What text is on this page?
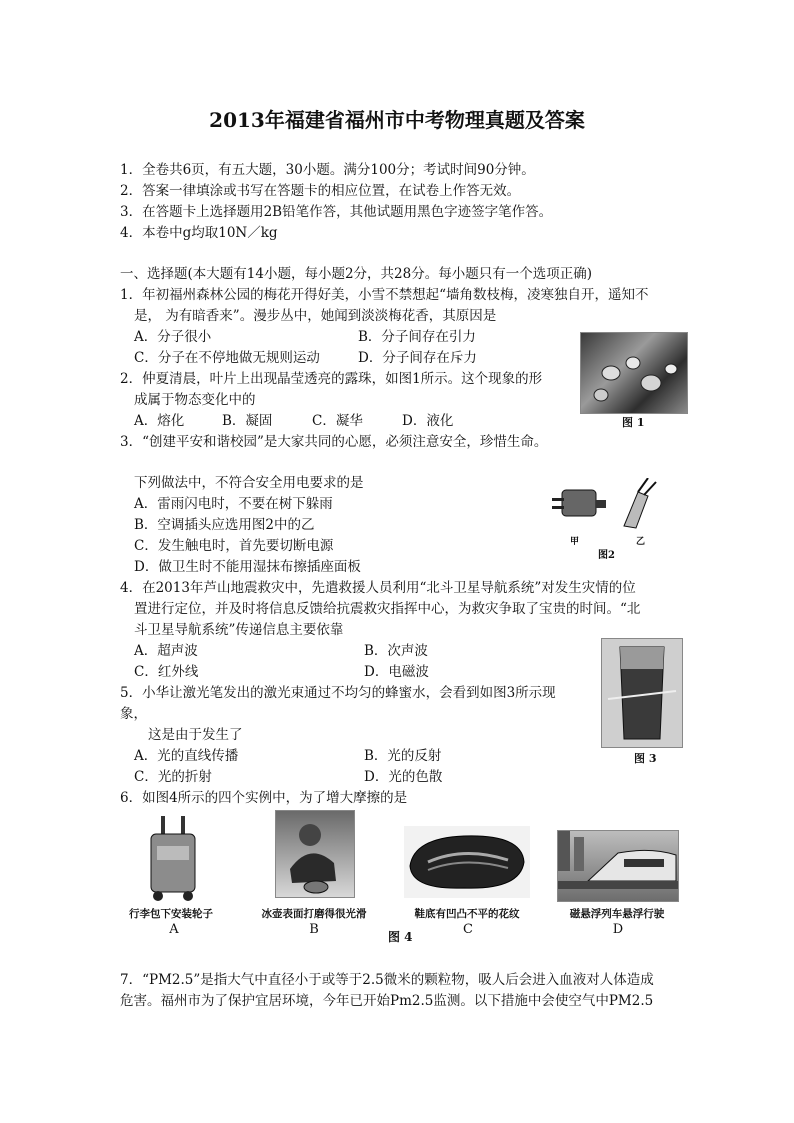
2013年福建省福州市中考物理真题及答案
1．全卷共6页，有五大题，30小题。满分100分；考试时间90分钟。
2．答案一律填涂或书写在答题卡的相应位置，在试卷上作答无效。
3．在答题卡上选择题用2B铅笔作答，其他试题用黑色字迹签字笔作答。
4．本卷中g均取10N／kg
一、选择题(本大题有14小题，每小题2分，共28分。每小题只有一个选项正确)
1．年初福州森林公园的梅花开得好美，小雪不禁想起“墙角数枝梅，凌寒独自开，遥知不
是， 为有暗香来”。漫步丛中，她闻到淡淡梅花香，其原因是
A．分子很小	B．分子间存在引力
C．分子在不停地做无规则运动	D．分子间存在斥力
图 1
2．仲夏清晨，叶片上出现晶莹透亮的露珠，如图1所示。这个现象的形
成属于物态变化中的
A．熔化	B．凝固	C．凝华	D．液化
3．“创建平安和谐校园”是大家共同的心愿，必须注意安全，珍惜生命。
下列做法中，不符合安全用电要求的是
A．雷雨闪电时，不要在树下躲雨
B．空调插头应选用图2中的乙
C．发生触电时，首先要切断电源
D．做卫生时不能用湿抹布擦插座面板
甲	乙
图2
4．在2013年芦山地震救灾中，先遣救援人员利用“北斗卫星导航系统”对发生灾情的位
置进行定位，并及时将信息反馈给抗震救灾指挥中心，为救灾争取了宝贵的时间。“北
斗卫星导航系统”传递信息主要依靠
A．超声波	B．次声波
C．红外线	D．电磁波
图 3
5．小华让激光笔发出的激光束通过不均匀的蜂蜜水，会看到如图3所示现
象，
这是由于发生了
A．光的直线传播	B．光的反射
C．光的折射	D．光的色散
6．如图4所示的四个实例中，为了增大摩擦的是
行李包下安装轮子	冰壶表面打磨得很光滑	鞋底有凹凸不平的花纹	磁悬浮列车悬浮行驶
A	B	C	D
图 4
7．“PM2.5”是指大气中直径小于或等于2.5微米的颗粒物，吸人后会进入血液对人体造成
危害。福州市为了保护宜居环境，今年已开始Pm2.5监测。以下措施中会使空气中PM2.5
